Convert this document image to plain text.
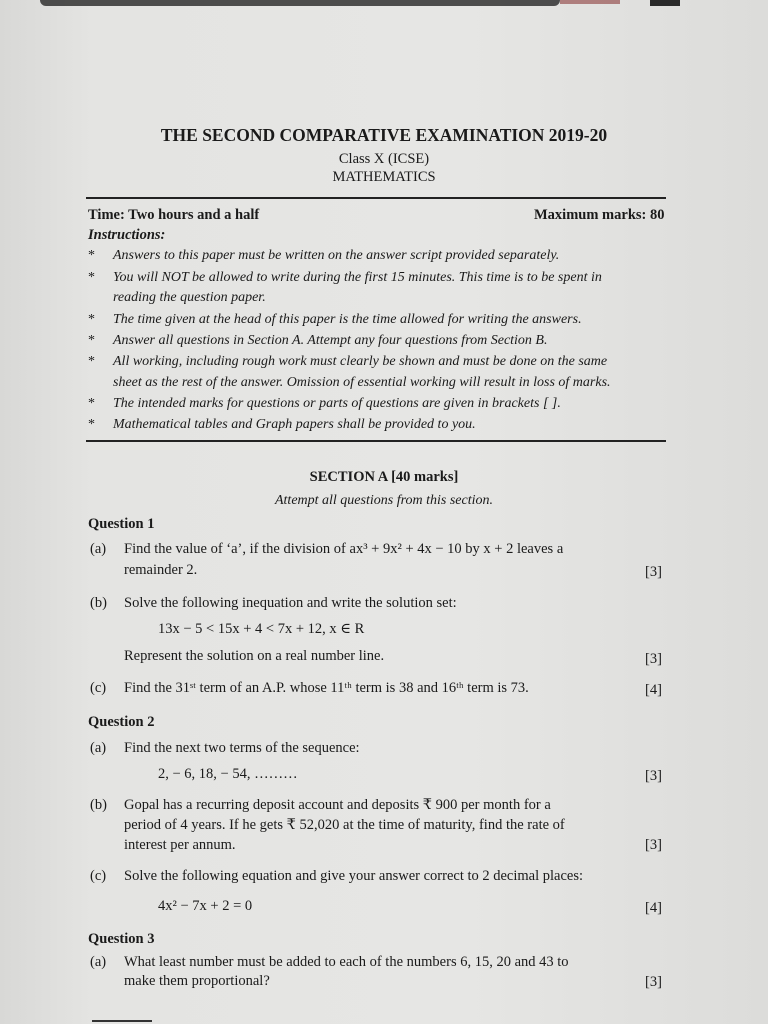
THE SECOND COMPARATIVE EXAMINATION 2019-20
Class X (ICSE)
MATHEMATICS
Time: Two hours and a half	Maximum marks: 80
Instructions:
* Answers to this paper must be written on the answer script provided separately.
* You will NOT be allowed to write during the first 15 minutes. This time is to be spent in
reading the question paper.
* The time given at the head of this paper is the time allowed for writing the answers.
* Answer all questions in Section A. Attempt any four questions from Section B.
* All working, including rough work must clearly be shown and must be done on the same
sheet as the rest of the answer. Omission of essential working will result in loss of marks.
* The intended marks for questions or parts of questions are given in brackets [ ].
* Mathematical tables and Graph papers shall be provided to you.
SECTION A [40 marks]
Attempt all questions from this section.
Question 1
(a) Find the value of ‘a’, if the division of ax³ + 9x² + 4x − 10 by x + 2 leaves a
remainder 2.	[3]
(b) Solve the following inequation and write the solution set:
13x − 5 < 15x + 4 < 7x + 12, x ∈ R
Represent the solution on a real number line.	[3]
(c) Find the 31ˢᵗ term of an A.P. whose 11ᵗʰ term is 38 and 16ᵗʰ term is 73.	[4]
Question 2
(a) Find the next two terms of the sequence:
2, − 6, 18, − 54, ………	[3]
(b) Gopal has a recurring deposit account and deposits ₹ 900 per month for a
period of 4 years. If he gets ₹ 52,020 at the time of maturity, find the rate of
interest per annum.	[3]
(c) Solve the following equation and give your answer correct to 2 decimal places:
4x² − 7x + 2 = 0	[4]
Question 3
(a) What least number must be added to each of the numbers 6, 15, 20 and 43 to
make them proportional?	[3]
